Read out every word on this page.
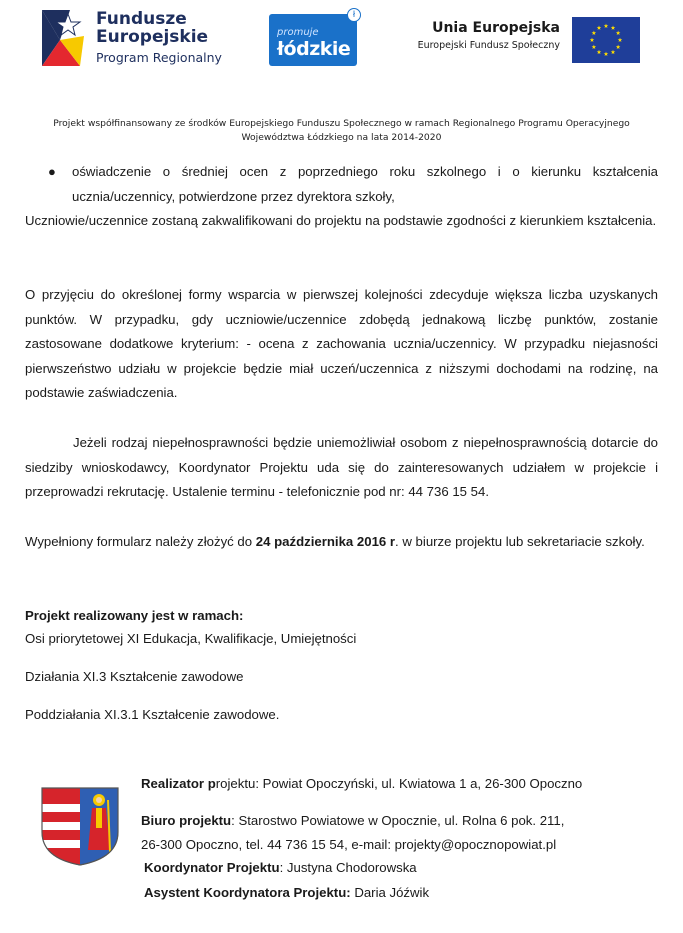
Fundusze
Europejskie
Program Regionalny
promuje
łódzkie
ł
Unia Europejska
Europejski Fundusz Społeczny
Projekt współfinansowany ze środków Europejskiego Funduszu Społecznego w ramach Regionalnego Programu Operacyjnego
Województwa Łódzkiego na lata 2014-2020
● oświadczenie o średniej ocen z poprzedniego roku szkolnego i o kierunku kształcenia ucznia/uczennicy, potwierdzone przez dyrektora szkoły,
Uczniowie/uczennice zostaną zakwalifikowani do projektu na podstawie zgodności z kierunkiem kształcenia.
O przyjęciu do określonej formy wsparcia w pierwszej kolejności zdecyduje większa liczba uzyskanych punktów. W przypadku, gdy uczniowie/uczennice zdobędą jednakową liczbę punktów, zostanie zastosowane dodatkowe kryterium: - ocena z zachowania ucznia/uczennicy. W przypadku niejasności pierwszeństwo udziału w projekcie będzie miał uczeń/uczennica z niższymi dochodami na rodzinę, na podstawie zaświadczenia.
Jeżeli rodzaj niepełnosprawności będzie uniemożliwiał osobom z niepełnosprawnością dotarcie do siedziby wnioskodawcy, Koordynator Projektu uda się do zainteresowanych udziałem w projekcie i przeprowadzi rekrutację. Ustalenie terminu - telefonicznie pod nr: 44 736 15 54.
Wypełniony formularz należy złożyć do 24 października 2016 r. w biurze projektu lub sekretariacie szkoły.
Projekt realizowany jest w ramach:
Osi priorytetowej XI Edukacja, Kwalifikacje, Umiejętności
Działania XI.3 Kształcenie zawodowe
Poddziałania XI.3.1 Kształcenie zawodowe.
Realizator projektu: Powiat Opoczyński, ul. Kwiatowa 1 a, 26-300 Opoczno
Biuro projektu: Starostwo Powiatowe w Opocznie, ul. Rolna 6 pok. 211,
26-300 Opoczno, tel. 44 736 15 54, e-mail: projekty@opocznopowiat.pl
Koordynator Projektu: Justyna Chodorowska
Asystent Koordynatora Projektu: Daria Jóźwik
